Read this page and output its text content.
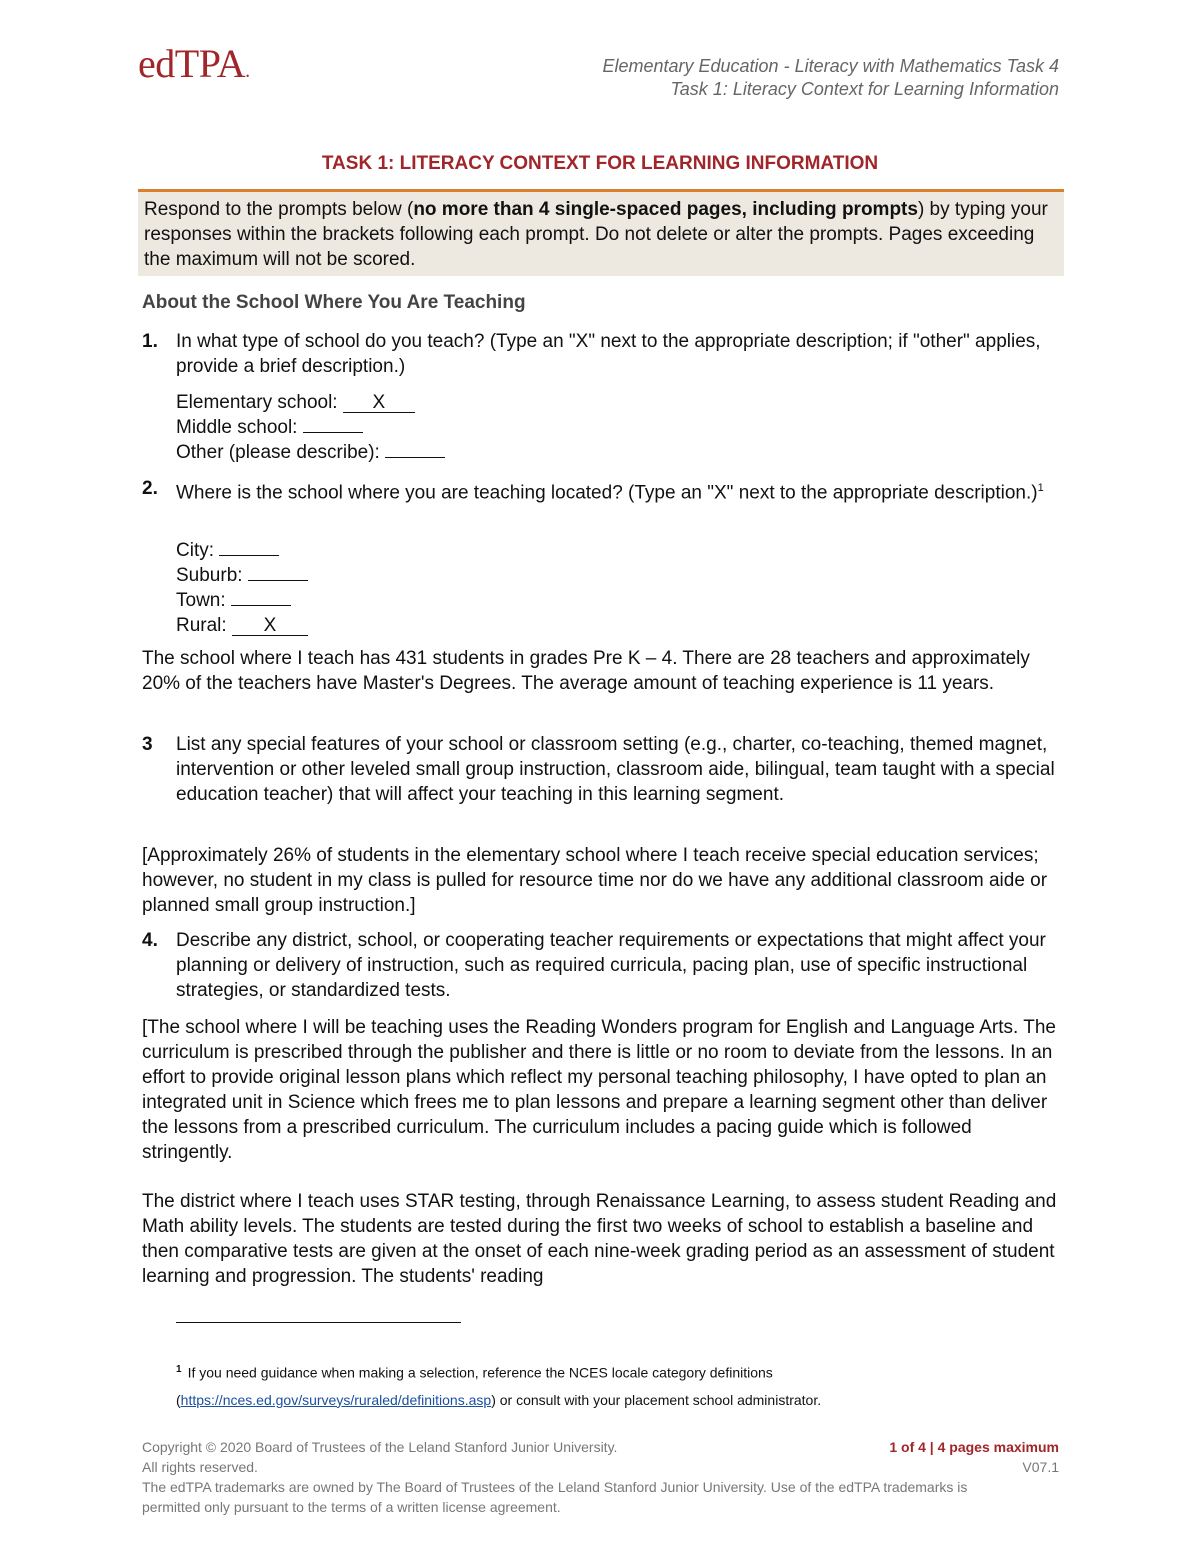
edTPA.	Elementary Education - Literacy with Mathematics Task 4
Task 1: Literacy Context for Learning Information
TASK 1: LITERACY CONTEXT FOR LEARNING INFORMATION
Respond to the prompts below (no more than 4 single-spaced pages, including prompts) by typing your responses within the brackets following each prompt. Do not delete or alter the prompts. Pages exceeding the maximum will not be scored.
About the School Where You Are Teaching
1. In what type of school do you teach? (Type an "X" next to the appropriate description; if "other" applies, provide a brief description.)
Elementary school: X
Middle school:
Other (please describe):
2. Where is the school where you are teaching located? (Type an "X" next to the appropriate description.)$^1$
City:
Suburb:
Town:
Rural: X
The school where I teach has 431 students in grades Pre K – 4. There are 28 teachers and approximately 20% of the teachers have Master's Degrees. The average amount of teaching experience is 11 years.
3 List any special features of your school or classroom setting (e.g., charter, co-teaching, themed magnet, intervention or other leveled small group instruction, classroom aide, bilingual, team taught with a special education teacher) that will affect your teaching in this learning segment.
[Approximately 26% of students in the elementary school where I teach receive special education services; however, no student in my class is pulled for resource time nor do we have any additional classroom aide or planned small group instruction.]
4. Describe any district, school, or cooperating teacher requirements or expectations that might affect your planning or delivery of instruction, such as required curricula, pacing plan, use of specific instructional strategies, or standardized tests.
[The school where I will be teaching uses the Reading Wonders program for English and Language Arts. The curriculum is prescribed through the publisher and there is little or no room to deviate from the lessons. In an effort to provide original lesson plans which reflect my personal teaching philosophy, I have opted to plan an integrated unit in Science which frees me to plan lessons and prepare a learning segment other than deliver the lessons from a prescribed curriculum. The curriculum includes a pacing guide which is followed stringently.
The district where I teach uses STAR testing, through Renaissance Learning, to assess student Reading and Math ability levels. The students are tested during the first two weeks of school to establish a baseline and then comparative tests are given at the onset of each nine-week grading period as an assessment of student learning and progression. The students' reading
$^1$ If you need guidance when making a selection, reference the NCES locale category definitions
(https://nces.ed.gov/surveys/ruraled/definitions.asp) or consult with your placement school administrator.
1 of 4 | 4 pages maximum
V07.1
Copyright © 2020 Board of Trustees of the Leland Stanford Junior University.
All rights reserved.
The edTPA trademarks are owned by The Board of Trustees of the Leland Stanford Junior University. Use of the edTPA trademarks is permitted only pursuant to the terms of a written license agreement.
